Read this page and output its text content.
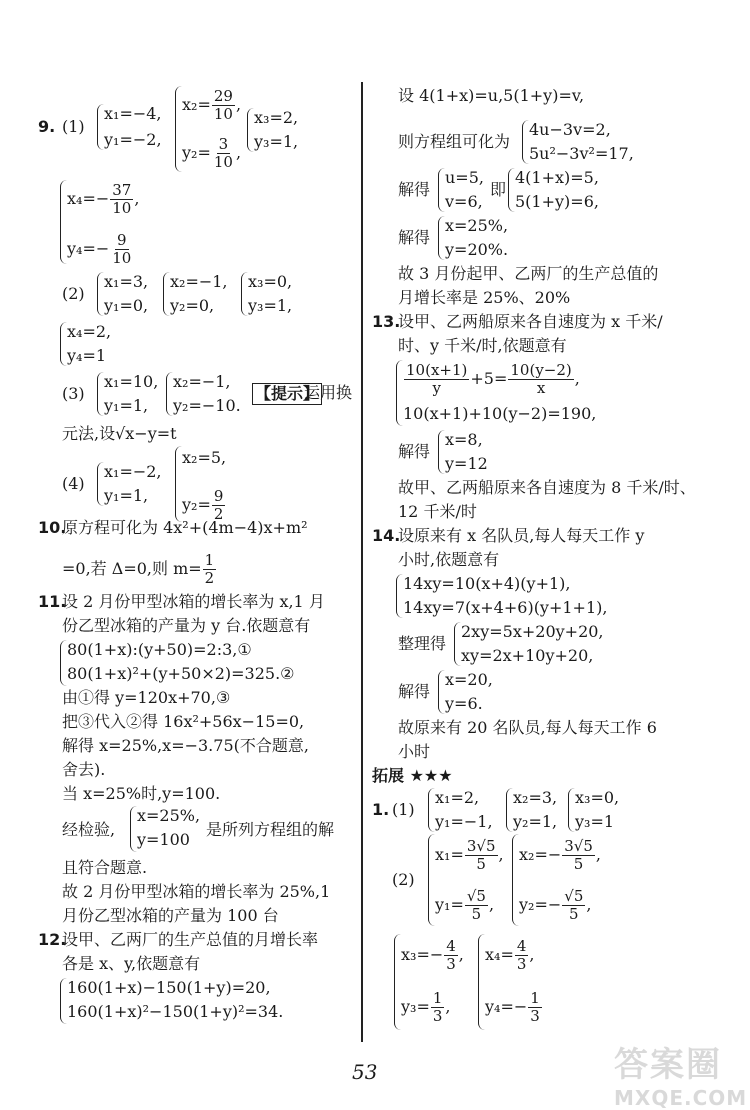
9. (1)
x₁=−4,
y₁=−2,
$x_2= \frac{29}{10}$ ,
$y_2= \frac{3}{10}$ ,
x₃=2,
y₃=1,
$x_4=- \frac{37}{10}$ ,
$y_4=- \frac{9}{10}$
(2)
x₁=3,
y₁=0,
x₂=−1,
y₂=0,
x₃=0,
y₃=1,
x₄=2,
y₄=1
(3)
x₁=10,
y₁=1,
x₂=−1,
y₂=−10.
【提示】
运用换
元法,设√x−y=t
(4)
x₁=−2,
y₁=1,
x₂=5,
$y_2= \frac{9}{2}$
10.
原方程可化为 4x²+(4m−4)x+m²
=0,若 Δ=0,则 $m= \frac{1}{2}$
11.
设 2 月份甲型冰箱的增长率为 x,1 月
份乙型冰箱的产量为 y 台.依题意有
80(1+x):(y+50)=2:3,①
80(1+x)²+(y+50×2)=325.②
由①得 y=120x+70,③
把③代入②得 16x²+56x−15=0,
解得 x=25%,x=−3.75(不合题意,
舍去).
当 x=25%时,y=100.
经检验,
x=25%,
y=100
是所列方程组的解
且符合题意.
故 2 月份甲型冰箱的增长率为 25%,1
月份乙型冰箱的产量为 100 台
12.
设甲、乙两厂的生产总值的月增长率
各是 x、y,依题意有
160(1+x)−150(1+y)=20,
160(1+x)²−150(1+y)²=34.
设 4(1+x)=u,5(1+y)=v,
则方程组可化为
4u−3v=2,
5u²−3v²=17,
解得
u=5,
v=6,
即
4(1+x)=5,
5(1+y)=6,
解得
x=25%,
y=20%.
故 3 月份起甲、乙两厂的生产总值的
月增长率是 25%、20%
13.
设甲、乙两船原来各自速度为 x 千米/
时、y 千米/时,依题意有
$\frac{10(x+1)}{y} +5= \frac{10(y-2)}{x}$ ,
10(x+1)+10(y−2)=190,
解得
x=8,
y=12
故甲、乙两船原来各自速度为 8 千米/时、
12 千米/时
14.
设原来有 x 名队员,每人每天工作 y
小时,依题意有
14xy=10(x+4)(y+1),
14xy=7(x+4+6)(y+1+1),
整理得
2xy=5x+20y+20,
xy=2x+10y+20,
解得
x=20,
y=6.
故原来有 20 名队员,每人每天工作 6
小时
拓展 ★★★
1. (1)
x₁=2,
y₁=−1,
x₂=3,
y₂=1,
x₃=0,
y₃=1
(2)
$x_1= \frac{3√5}{5}$ ,
$y_1= \frac{√5}{5}$ ,
$x_2=- \frac{3√5}{5}$ ,
$y_2=- \frac{√5}{5}$ ,
$x_3=- \frac{4}{3}$ ,
$y_3= \frac{1}{3}$ ,
$x_4= \frac{4}{3}$ ,
$y_4=- \frac{1}{3}$
53	答案圈
MXQE.COM
